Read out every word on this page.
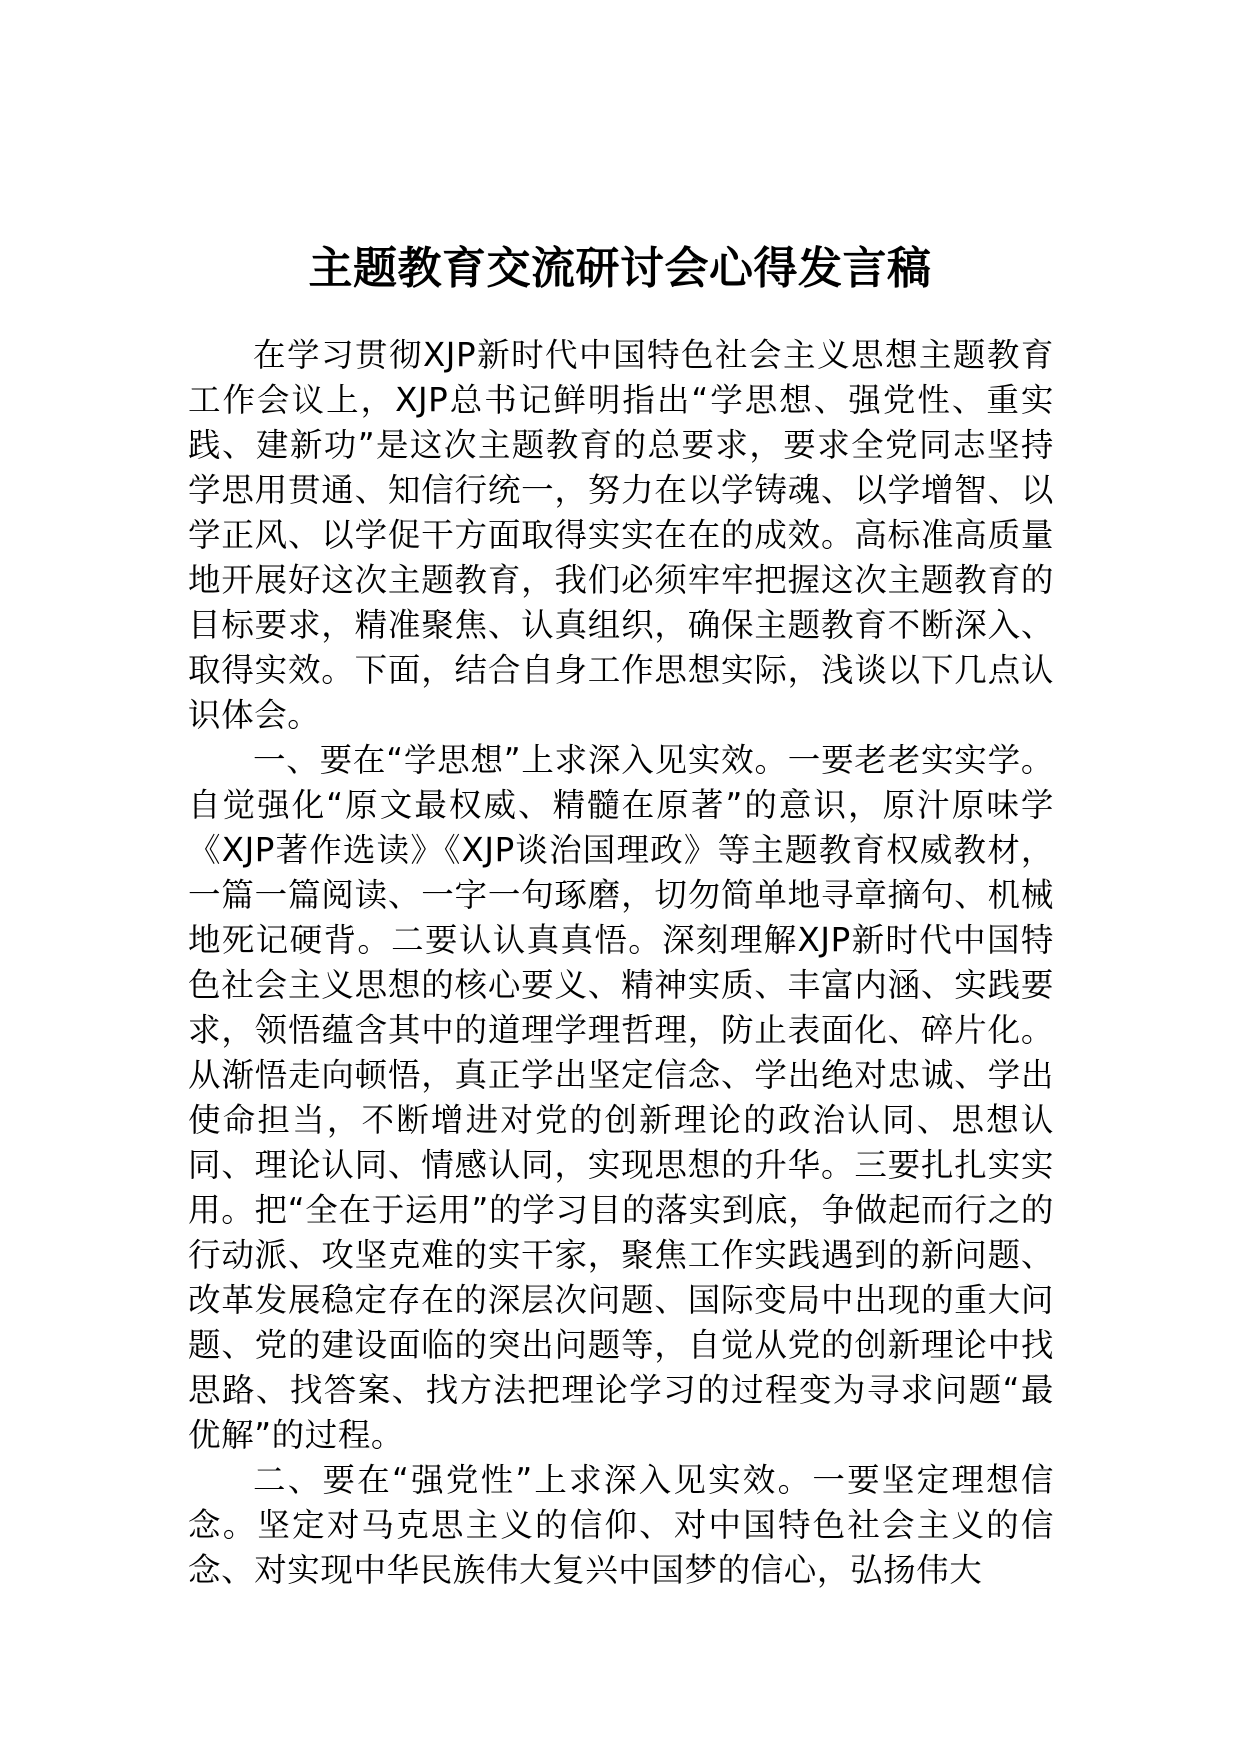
主题教育交流研讨会心得发言稿

在学习贯彻XJP新时代中国特色社会主义思想主题教育工作会议上，XJP总书记鲜明指出“学思想、强党性、重实践、建新功”是这次主题教育的总要求，要求全党同志坚持学思用贯通、知信行统一，努力在以学铸魂、以学增智、以学正风、以学促干方面取得实实在在的成效。高标准高质量地开展好这次主题教育，我们必须牢牢把握这次主题教育的目标要求，精准聚焦、认真组织，确保主题教育不断深入、取得实效。下面，结合自身工作思想实际，浅谈以下几点认识体会。

一、要在“学思想”上求深入见实效。一要老老实实学。自觉强化“原文最权威、精髓在原著”的意识，原汁原味学《XJP著作选读》《XJP谈治国理政》等主题教育权威教材，一篇一篇阅读、一字一句琢磨，切勿简单地寻章摘句、机械地死记硬背。二要认认真真悟。深刻理解XJP新时代中国特色社会主义思想的核心要义、精神实质、丰富内涵、实践要求，领悟蕴含其中的道理学理哲理，防止表面化、碎片化。从渐悟走向顿悟，真正学出坚定信念、学出绝对忠诚、学出使命担当，不断增进对党的创新理论的政治认同、思想认同、理论认同、情感认同，实现思想的升华。三要扎扎实实用。把“全在于运用”的学习目的落实到底，争做起而行之的行动派、攻坚克难的实干家，聚焦工作实践遇到的新问题、改革发展稳定存在的深层次问题、国际变局中出现的重大问题、党的建设面临的突出问题等，自觉从党的创新理论中找思路、找答案、找方法把理论学习的过程变为寻求问题“最优解”的过程。

二、要在“强党性”上求深入见实效。一要坚定理想信念。坚定对马克思主义的信仰、对中国特色社会主义的信念、对实现中华民族伟大复兴中国梦的信心，弘扬伟大
